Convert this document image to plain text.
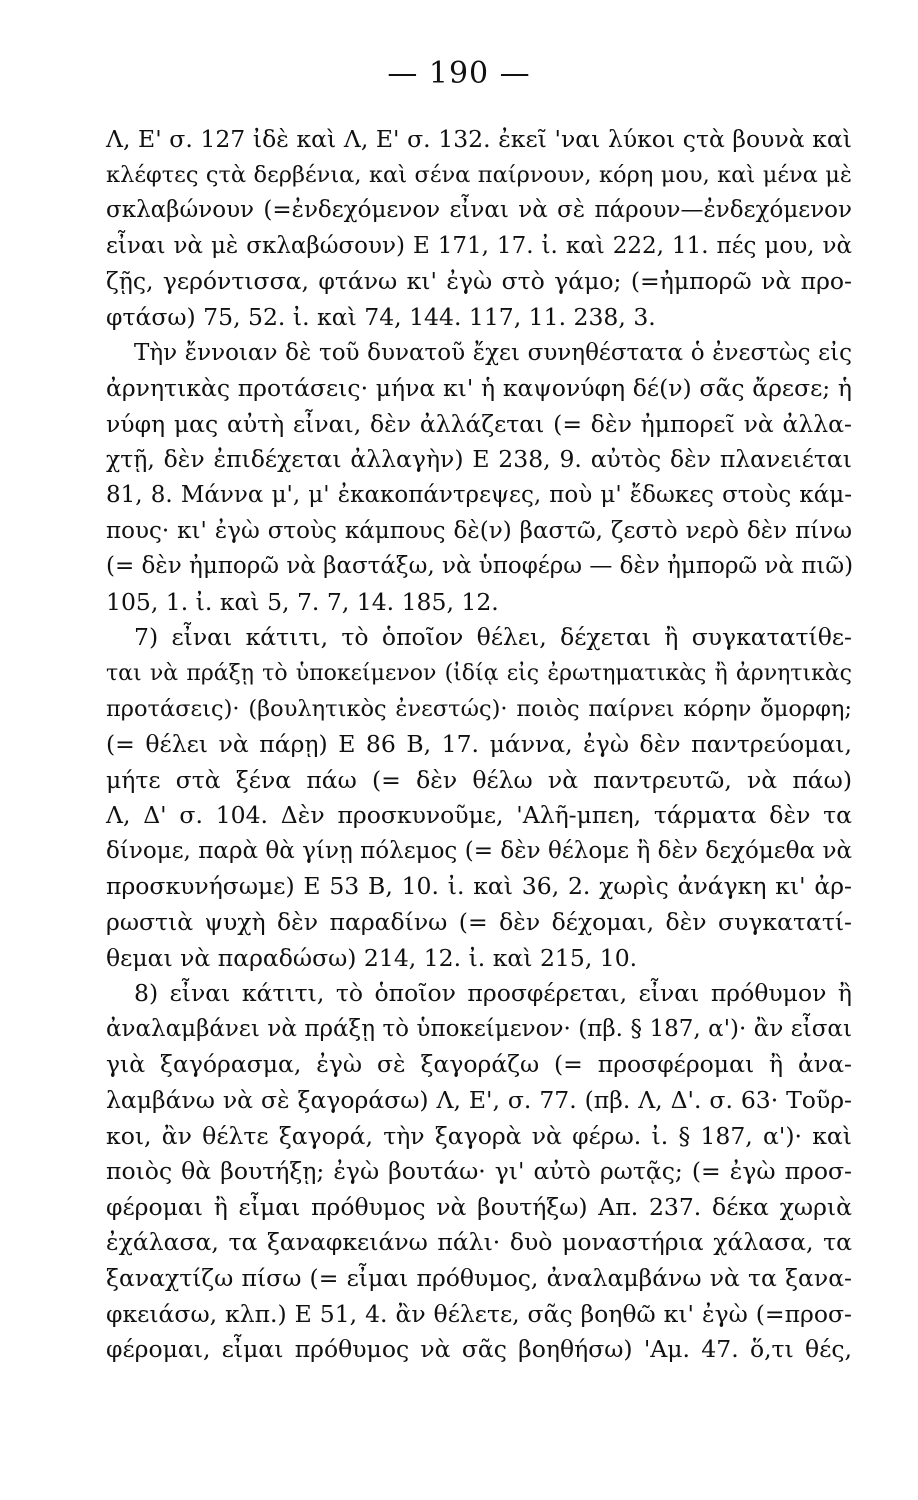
— 190 —
Λ, Ε' σ. 127 ἰδὲ καὶ Λ, Ε' σ. 132. ἐκεῖ 'ναι λύκοι ςτὰ βουνὰ καὶ
κλέφτες ςτὰ δερβένια, καὶ σένα παίρνουν, κόρη μου, καὶ μένα μὲ
σκλαβώνουν (=ἐνδεχόμενον εἶναι νὰ σὲ πάρουν—ἐνδεχόμενον
εἶναι νὰ μὲ σκλαβώσουν) Ε 171, 17. ἰ. καὶ 222, 11. πές μου, νὰ
ζῇς, γερόντισσα, φτάνω κι' ἐγὼ στὸ γάμο; (=ἠμπορῶ νὰ προ-
φτάσω) 75, 52. ἰ. καὶ 74, 144. 117, 11. 238, 3.
Τὴν ἔννοιαν δὲ τοῦ δυνατοῦ ἔχει συνηθέστατα ὁ ἐνεστὼς εἰς
ἀρνητικὰς προτάσεις· μήνα κι' ἡ καψονύφη δέ(ν) σᾶς ἄρεσε; ἡ
νύφη μας αὐτὴ εἶναι, δὲν ἀλλάζεται (= δὲν ἠμπορεῖ νὰ ἀλλα-
χτῇ, δὲν ἐπιδέχεται ἀλλαγὴν) Ε 238, 9. αὐτὸς δὲν πλανειέται
81, 8. Μάννα μ', μ' ἐκακοπάντρεψες, ποὺ μ' ἔδωκες στοὺς κάμ-
πους· κι' ἐγὼ στοὺς κάμπους δὲ(ν) βαστῶ, ζεστὸ νερὸ δὲν πίνω
(= δὲν ἠμπορῶ νὰ βαστάξω, νὰ ὑποφέρω — δὲν ἠμπορῶ νὰ πιῶ)
105, 1. ἰ. καὶ 5, 7. 7, 14. 185, 12.
7) εἶναι κάτιτι, τὸ ὁποῖον θέλει, δέχεται ἢ συγκατατίθε-
ται νὰ πράξῃ τὸ ὑποκείμενον (ἰδίᾳ εἰς ἐρωτηματικὰς ἢ ἀρνητικὰς
προτάσεις)· (βουλητικὸς ἐνεστώς)· ποιὸς παίρνει κόρην ὄμορφη;
(= θέλει νὰ πάρῃ) Ε 86 Β, 17. μάννα, ἐγὼ δὲν παντρεύομαι,
μήτε στὰ ξένα πάω (= δὲν θέλω νὰ παντρευτῶ, νὰ πάω)
Λ, Δ' σ. 104. Δὲν προσκυνοῦμε, 'Αλῆ-μπεη, τάρματα δὲν τα
δίνομε, παρὰ θὰ γίνῃ πόλεμος (= δὲν θέλομε ἢ δὲν δεχόμεθα νὰ
προσκυνήσωμε) Ε 53 Β, 10. ἰ. καὶ 36, 2. χωρὶς ἀνάγκη κι' ἀρ-
ρωστιὰ ψυχὴ δὲν παραδίνω (= δὲν δέχομαι, δὲν συγκατατί-
θεμαι νὰ παραδώσω) 214, 12. ἰ. καὶ 215, 10.
8) εἶναι κάτιτι, τὸ ὁποῖον προσφέρεται, εἶναι πρόθυμον ἢ
ἀναλαμβάνει νὰ πράξῃ τὸ ὑποκείμενον· (πβ. § 187, α')· ἂν εἶσαι
γιὰ ξαγόρασμα, ἐγὼ σὲ ξαγοράζω (= προσφέρομαι ἢ ἀνα-
λαμβάνω νὰ σὲ ξαγοράσω) Λ, Ε', σ. 77. (πβ. Λ, Δ'. σ. 63· Τοῦρ-
κοι, ἂν θέλτε ξαγορά, τὴν ξαγορὰ νὰ φέρω. ἰ. § 187, α')· καὶ
ποιὸς θὰ βουτήξῃ; ἐγὼ βουτάω· γι' αὐτὸ ρωτᾷς; (= ἐγὼ προσ-
φέρομαι ἢ εἶμαι πρόθυμος νὰ βουτήξω) Απ. 237. δέκα χωριὰ
ἐχάλασα, τα ξαναφκειάνω πάλι· δυὸ μοναστήρια χάλασα, τα
ξαναχτίζω πίσω (= εἶμαι πρόθυμος, ἀναλαμβάνω νὰ τα ξανα-
φκειάσω, κλπ.) Ε 51, 4. ἂν θέλετε, σᾶς βοηθῶ κι' ἐγὼ (=προσ-
φέρομαι, εἶμαι πρόθυμος νὰ σᾶς βοηθήσω) 'Αμ. 47. ὅ,τι θές,
